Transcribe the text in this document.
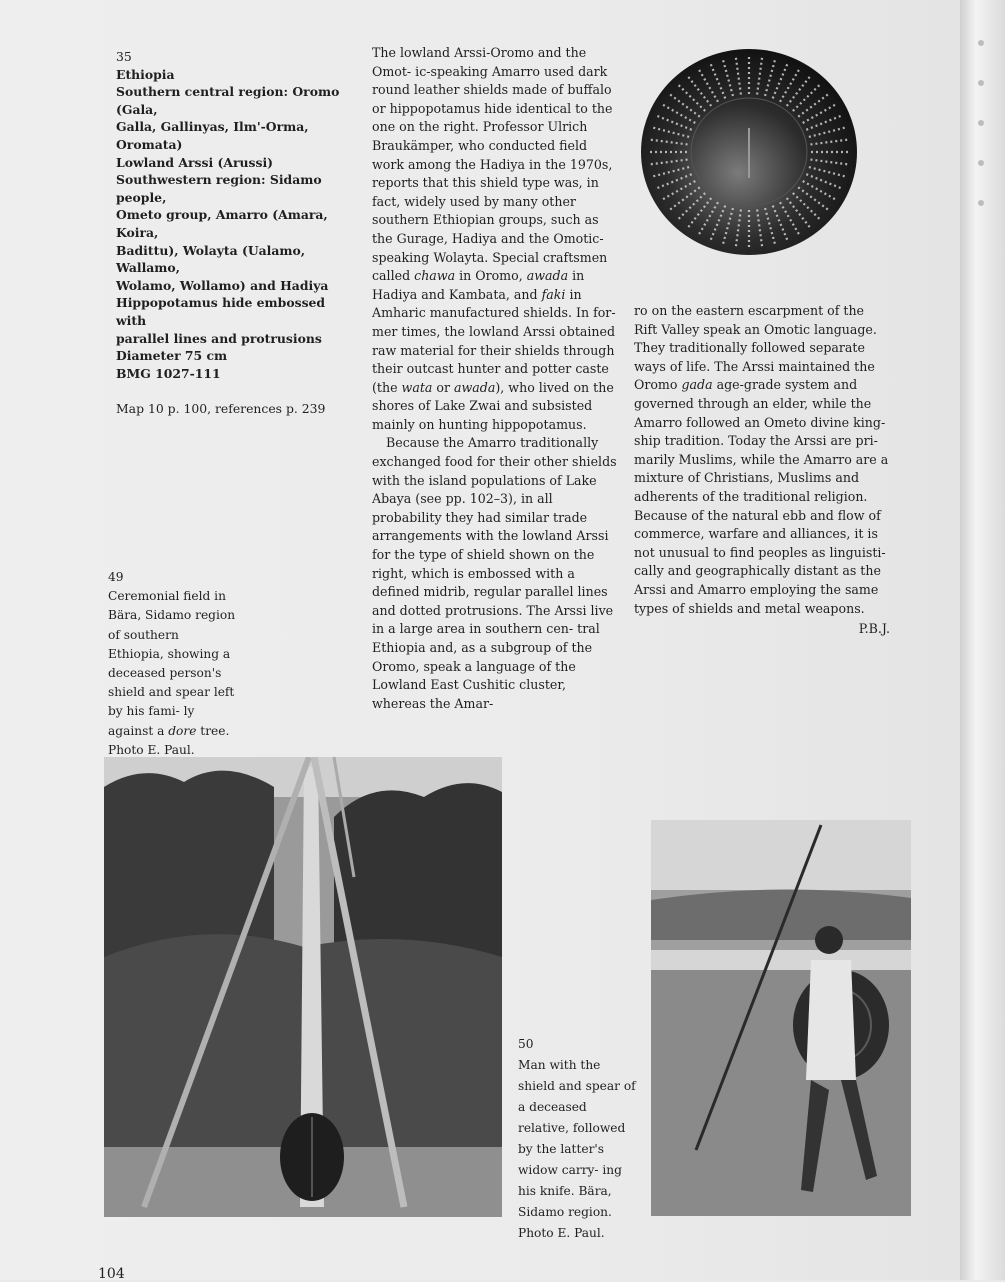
35
Ethiopia
Southern central region: Oromo (Gala,
Galla, Gallinyas, Ilm'-Orma, Oromata)
Lowland Arssi (Arussi)
Southwestern region: Sidamo people,
Ometo group, Amarro (Amara, Koira,
Badittu), Wolayta (Ualamo, Wallamo,
Wolamo, Wollamo) and Hadiya
Hippopotamus hide embossed with
parallel lines and protrusions
Diameter 75 cm
BMG 1027-111
Map 10 p. 100, references p. 239

The lowland Arssi-Oromo and the Omot- ic-speaking Amarro used dark round leather shields made of buffalo or hippopotamus hide identical to the one on the right. Professor Ulrich Braukämper, who conducted field work among the Hadiya in the 1970s, reports that this shield type was, in fact, widely used by many other southern Ethiopian groups, such as the Gurage, Hadiya and the Omotic-speaking Wolayta. Special craftsmen called chawa in Oromo, awada in Hadiya and Kambata, and faki in Amharic manufactured shields. In for- mer times, the lowland Arssi obtained raw material for their shields through their outcast hunter and potter caste (the wata or awada), who lived on the shores of Lake Zwai and subsisted mainly on hunting hippopotamus.

Because the Amarro traditionally exchanged food for their other shields with the island populations of Lake Abaya (see pp. 102–3), in all probability they had similar trade arrangements with the lowland Arssi for the type of shield shown on the right, which is embossed with a defined midrib, regular parallel lines and dotted protrusions. The Arssi live in a large area in southern cen- tral Ethiopia and, as a subgroup of the Oromo, speak a language of the Lowland East Cushitic cluster, whereas the Amar-

ro on the eastern escarpment of the Rift Valley speak an Omotic language. They traditionally followed separate ways of life. The Arssi maintained the Oromo gada age-grade system and governed through an elder, while the Amarro followed an Ometo divine king- ship tradition. Today the Arssi are pri- marily Muslims, while the Amarro are a mixture of Christians, Muslims and adherents of the traditional religion. Because of the natural ebb and flow of commerce, warfare and alliances, it is not unusual to find peoples as linguisti- cally and geographically distant as the Arssi and Amarro employing the same types of shields and metal weapons.

P.B.J.
49
Ceremonial field in Bära, Sidamo region of southern Ethiopia, showing a deceased person's shield and spear left by his fami- ly against a dore tree. Photo E. Paul.
50
Man with the shield and spear of a deceased relative, followed by the latter's widow carry- ing his knife. Bära, Sidamo region. Photo E. Paul.
104
